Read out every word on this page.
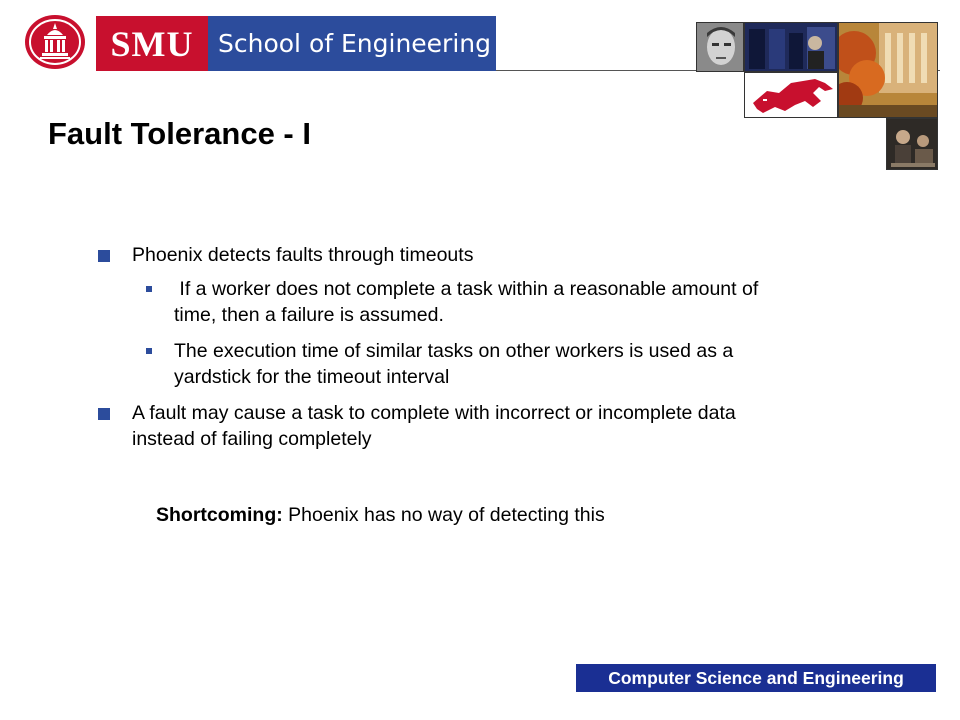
SMU School of Engineering
Fault Tolerance - I
Phoenix detects faults through timeouts
If a worker does not complete a task within a reasonable amount of time, then a failure is assumed.
The execution time of similar tasks on other workers is used as a yardstick for the timeout interval
A fault may cause a task to complete with incorrect or incomplete data instead of failing completely
Shortcoming: Phoenix has no way of detecting this
Computer Science and Engineering
